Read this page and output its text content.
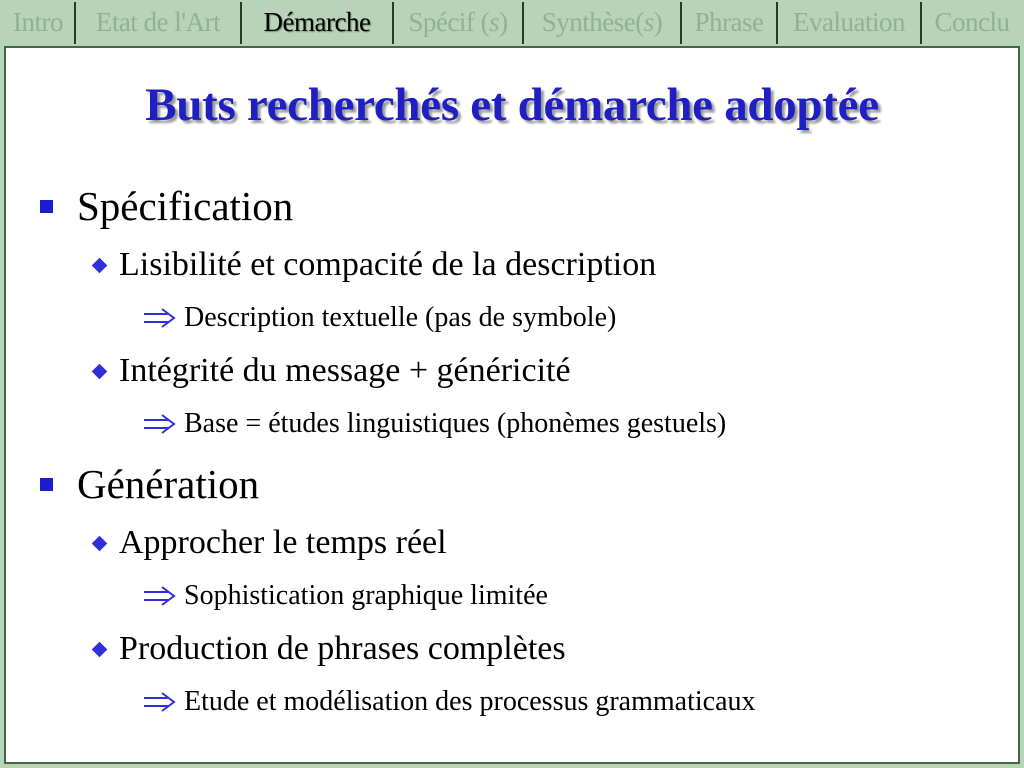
Intro Etat de l'Art Démarche Spécif ( s ) Synthèse( s ) Phrase Evaluation Conclu
Buts recherchés et démarche adoptée
Spécification
Lisibilité et compacité de la description
Description textuelle (pas de symbole)
Intégrité du message + généricité
Base = études linguistiques (phonèmes gestuels)
Génération
Approcher le temps réel
Sophistication graphique limitée
Production de phrases complètes
Etude et modélisation des processus grammaticaux
